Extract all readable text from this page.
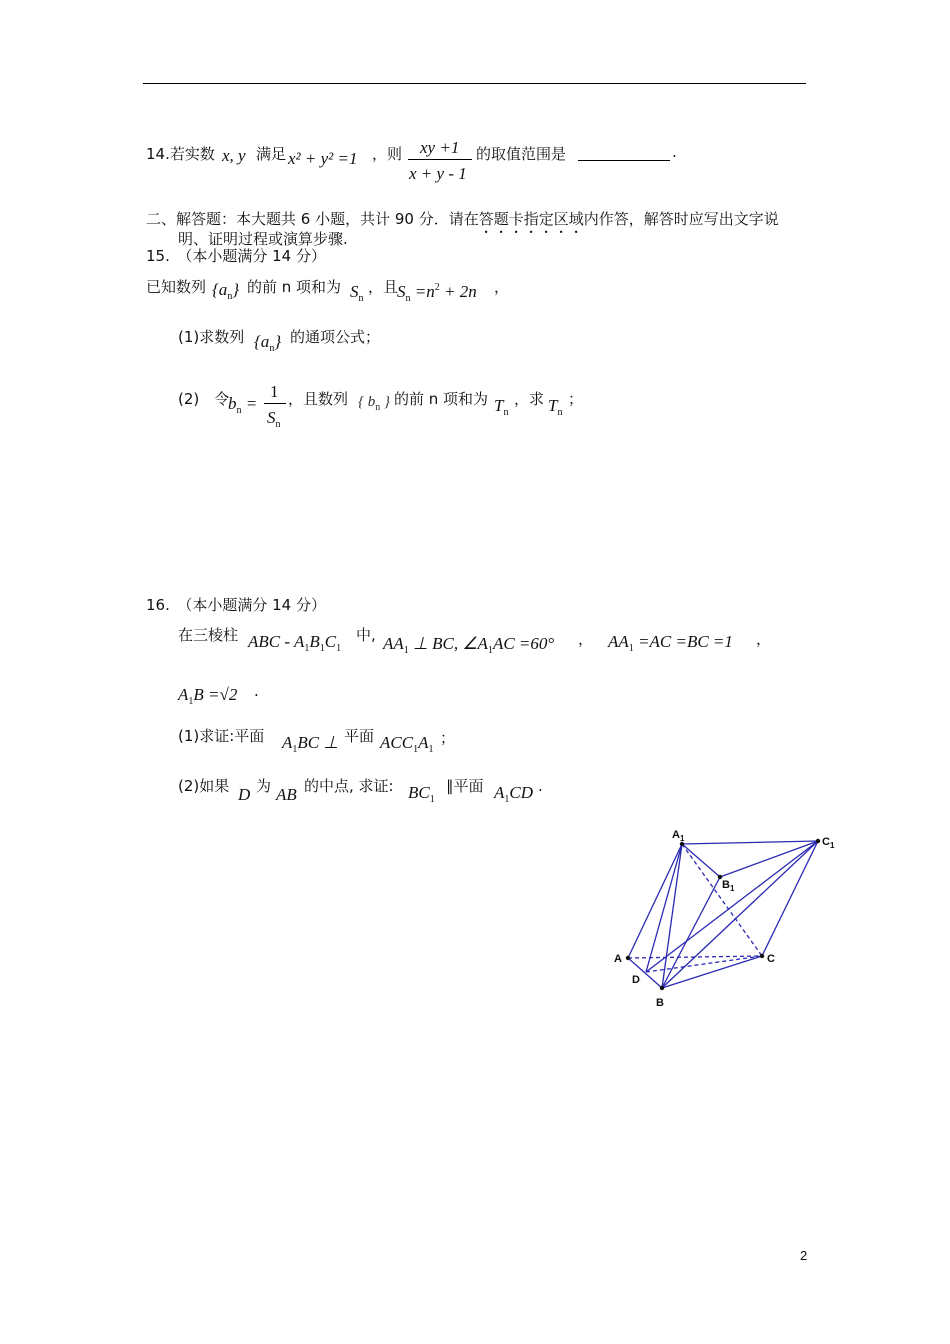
14.若实数 x, y 满足 x² + y² =1 ，则 xy +1
x + y - 1
的取值范围是	.
二、解答题：本大题共 6 小题，共计 90 分．请在答题卡指定区域内作答，解答时应写出文字说
明、证明过程或演算步骤.
15.　（本小题满分 14 分）
已知数列 $\{a_n\}$ 的前 n 项和为 $S_n$
，且
$S_n =n^2 + 2n$ ，
(1)求数列 $\{a_n\}$ 的通项公式；
(2)　令
$b_n$ =
1
$S_n$
，且数列 { $b_n$ } 的前 n 项和为 $T_n$
，求 $T_n$
；
16.　（本小题满分 14 分）
在三棱柱 ABC - $A_1B_1C_1$
中, $AA_1$ ⊥ BC, $\angle A_1AC =60^\circ$ ， $AA_1 =AC =BC =1$ ，
$A_1B =√2$ .
(1)求证:平面 $A_1BC$ ⊥ 平面 $ACC_1A_1$
；
(2)如果 D 为 AB 的中点, 求证: $BC_1$
∥平面 $A_1CD$ .
$A_1$	$C_1$
$B_1$
A	C
D
B
2
